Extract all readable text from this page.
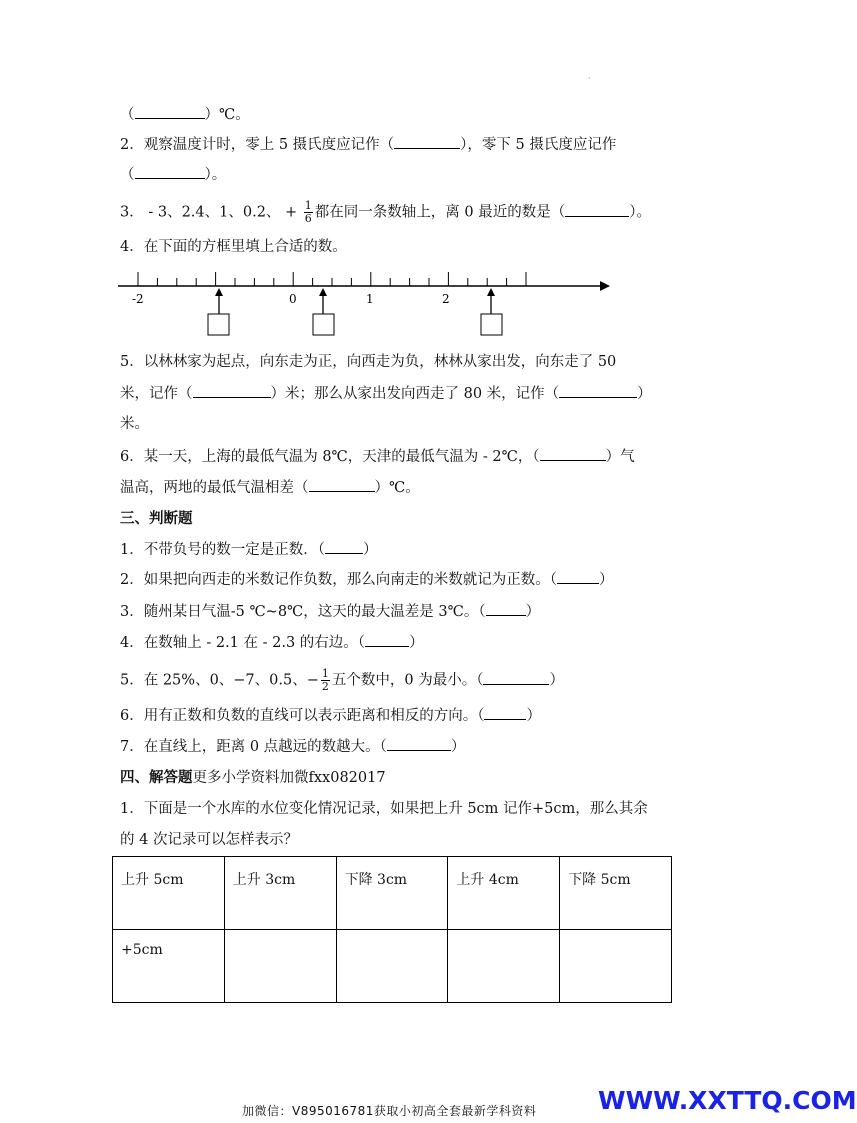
·
（	）℃。
2．观察温度计时，零上 5 摄氏度应记作（	），零下 5 摄氏度应记作
（	）。
3． - 3、2.4、1、0.2、 + $\frac{1}{6}$ 都在同一条数轴上，离 0 最近的数是（	）。
4．在下面的方框里填上合适的数。
-2	0	1	2
5．以林林家为起点，向东走为正，向西走为负，林林从家出发，向东走了 50
米，记作（	）米；那么从家出发向西走了 80 米，记作（	）
米。
6．某一天，上海的最低气温为 8℃，天津的最低气温为 - 2℃，（	）气
温高，两地的最低气温相差（	）℃。
三、判断题
1．不带负号的数一定是正数．（	）
2．如果把向西走的米数记作负数，那么向南走的米数就记为正数。（	）
3．随州某日气温-5 ℃~8℃，这天的最大温差是 3℃。（	）
4．在数轴上 - 2.1 在 - 2.3 的右边。（	）
5．在 25%、0、−7、0.5、− $\frac{1}{2}$ 五个数中，0 为最小。（	）
6．用有正数和负数的直线可以表示距离和相反的方向。（	）
7．在直线上，距离 0 点越远的数越大。（	）
四、解答题更多小学资料加微fxx082017
1．下面是一个水库的水位变化情况记录，如果把上升 5cm 记作+5cm，那么其余
的 4 次记录可以怎样表示？
上升 5cm	上升 3cm	下降 3cm	上升 4cm	下降 5cm
+5cm				
加微信：V895016781获取小初高全套最新学科资料 WWW.XXTTQ.COM
